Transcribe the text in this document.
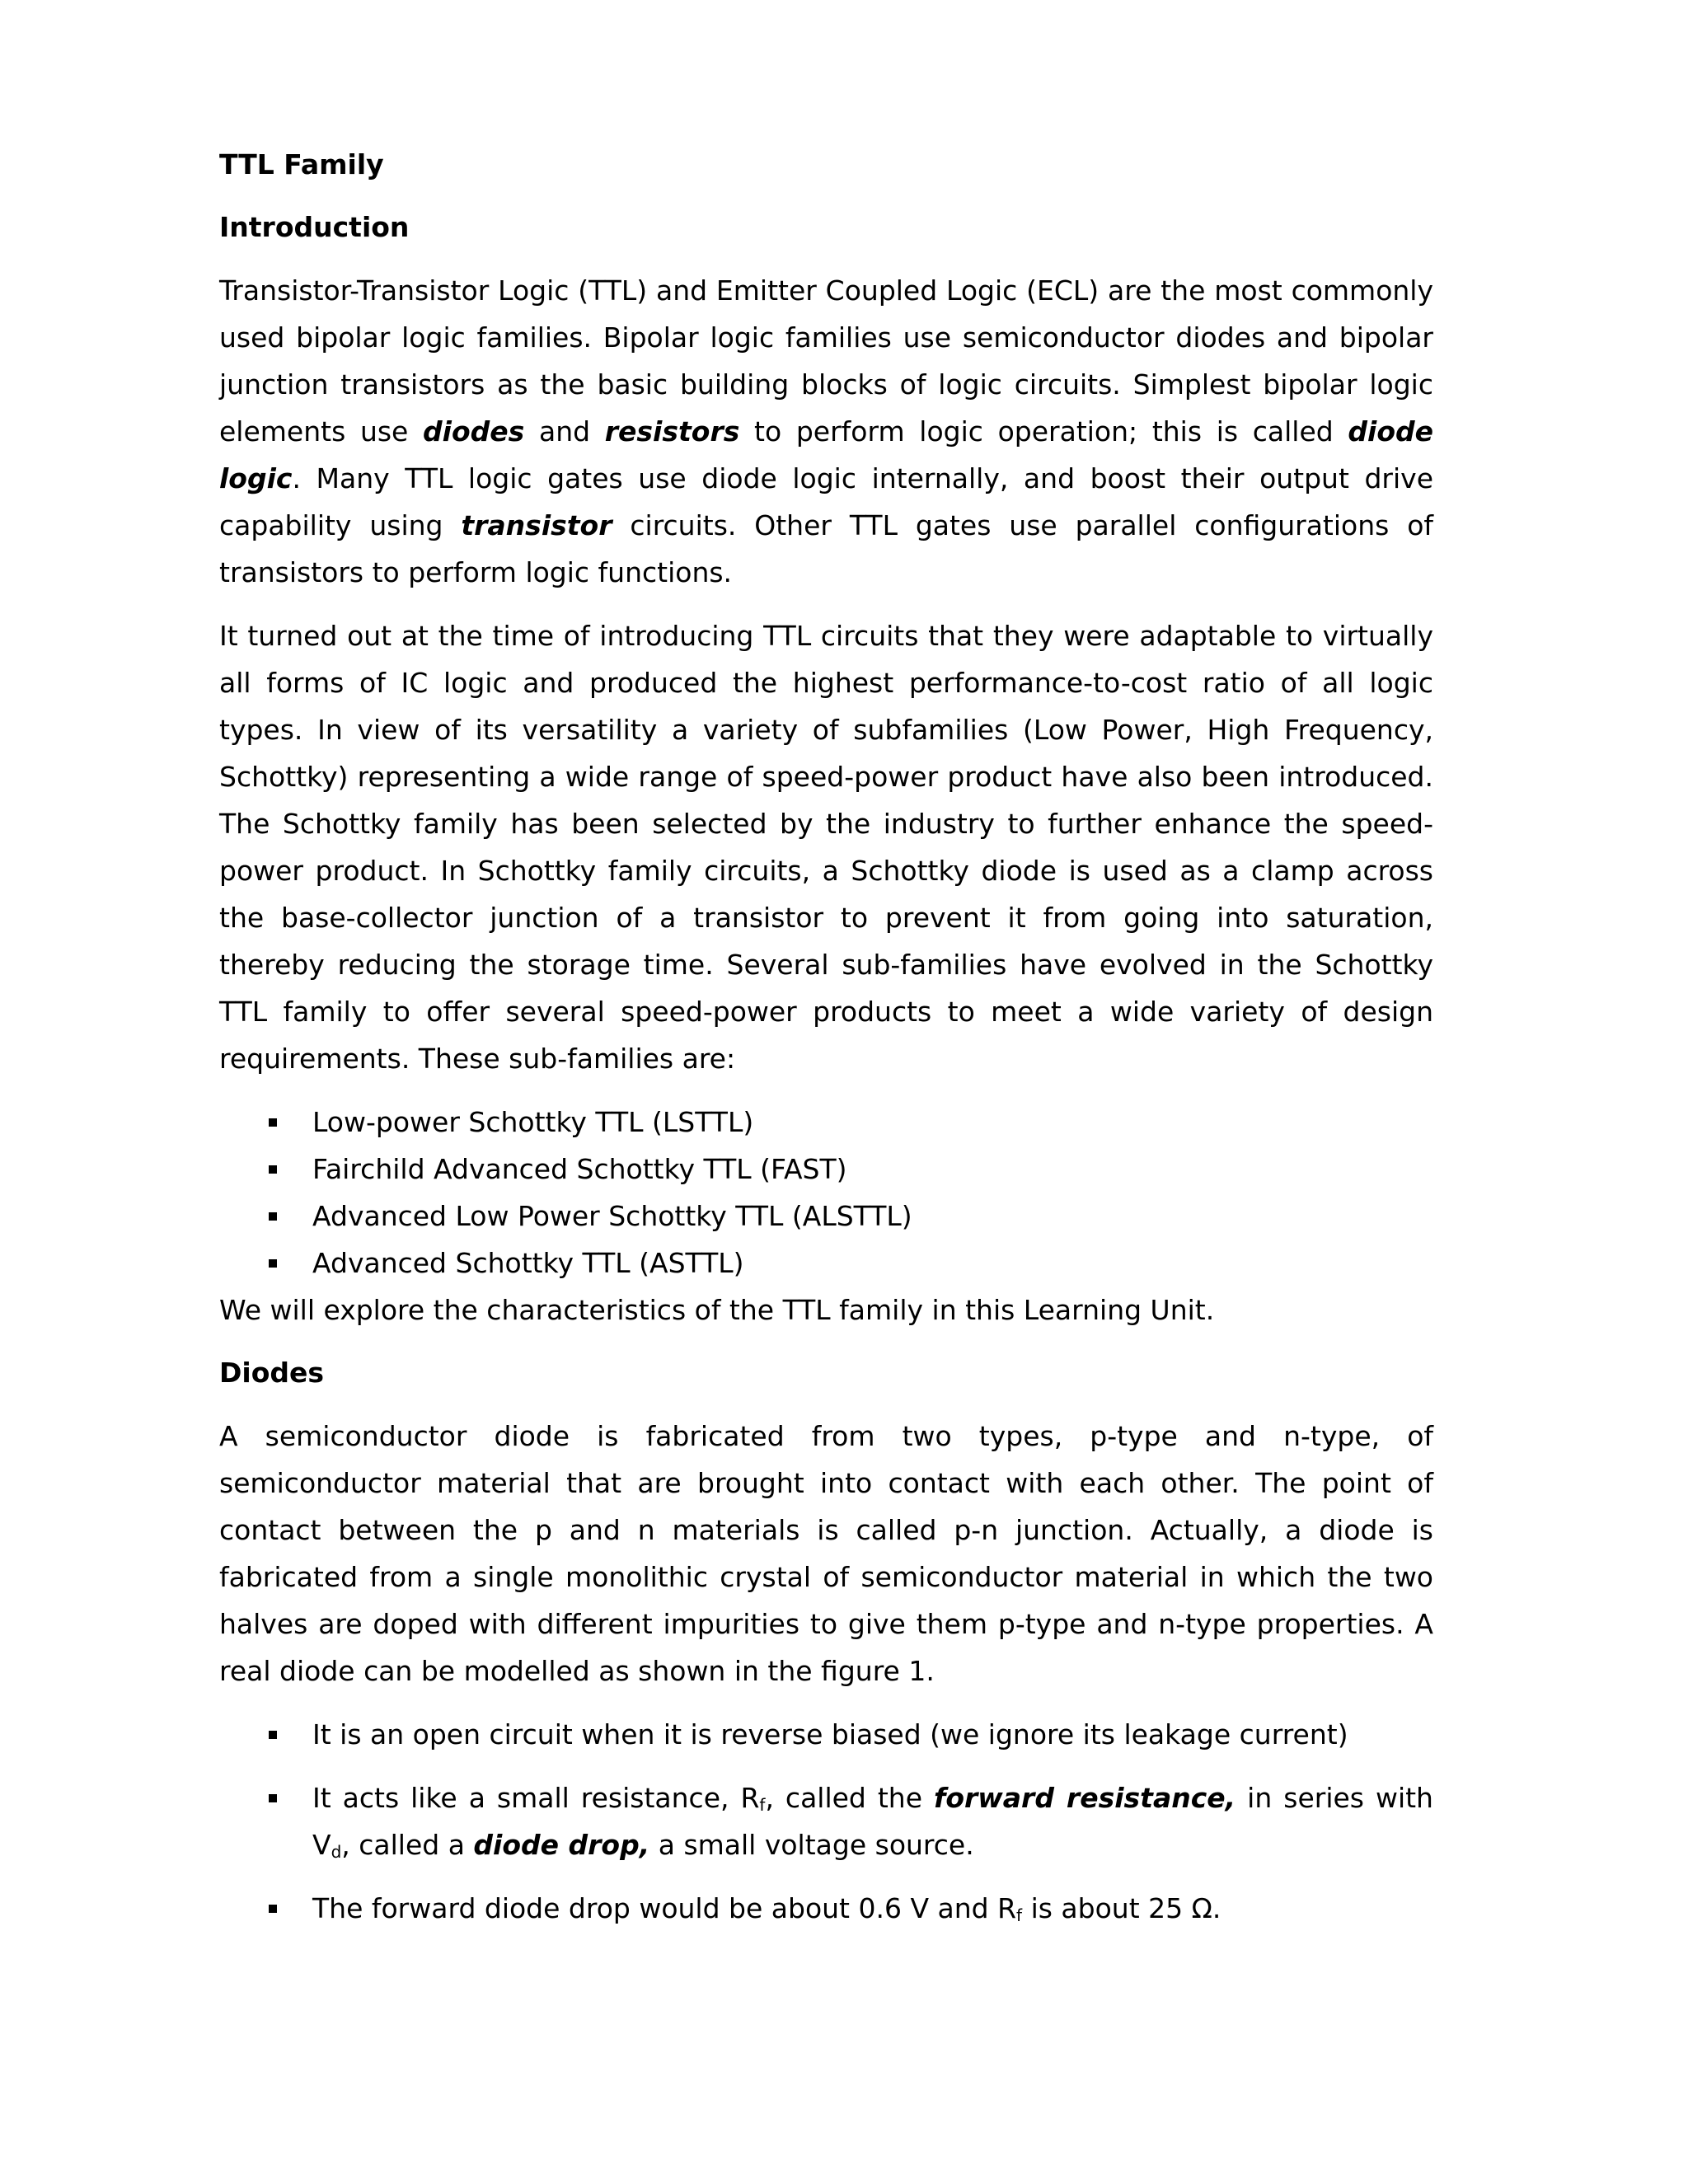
TTL Family
Introduction
Transistor-Transistor Logic (TTL) and Emitter Coupled Logic (ECL) are the most commonly used bipolar logic families. Bipolar logic families use semiconductor diodes and bipolar junction transistors as the basic building blocks of logic circuits. Simplest bipolar logic elements use diodes and resistors to perform logic operation; this is called diode logic. Many TTL logic gates use diode logic internally, and boost their output drive capability using transistor circuits. Other TTL gates use parallel configurations of transistors to perform logic functions.
It turned out at the time of introducing TTL circuits that they were adaptable to virtually all forms of IC logic and produced the highest performance-to-cost ratio of all logic types. In view of its versatility a variety of subfamilies (Low Power, High Frequency, Schottky) representing a wide range of speed-power product have also been introduced. The Schottky family has been selected by the industry to further enhance the speed-power product. In Schottky family circuits, a Schottky diode is used as a clamp across the base-collector junction of a transistor to prevent it from going into saturation, thereby reducing the storage time. Several sub-families have evolved in the Schottky TTL family to offer several speed-power products to meet a wide variety of design requirements. These sub-families are:
Low-power Schottky TTL (LSTTL)
Fairchild Advanced Schottky TTL (FAST)
Advanced Low Power Schottky TTL (ALSTTL)
Advanced Schottky TTL (ASTTL)
We will explore the characteristics of the TTL family in this Learning Unit.
Diodes
A semiconductor diode is fabricated from two types, p-type and n-type, of semiconductor material that are brought into contact with each other. The point of contact between the p and n materials is called p-n junction. Actually, a diode is fabricated from a single monolithic crystal of semiconductor material in which the two halves are doped with different impurities to give them p-type and n-type properties. A real diode can be modelled as shown in the figure 1.
It is an open circuit when it is reverse biased (we ignore its leakage current)
It acts like a small resistance, $R_f$, called the forward resistance, in series with $V_d$, called a diode drop, a small voltage source.
The forward diode drop would be about 0.6 V and $R_f$ is about 25 Ω.
